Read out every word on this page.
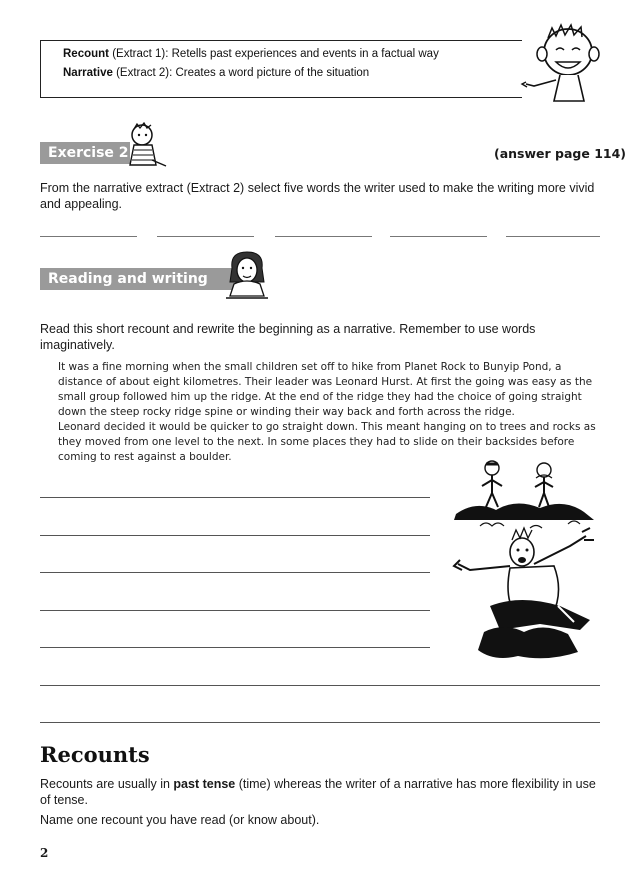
Recount (Extract 1): Retells past experiences and events in a factual way
Narrative (Extract 2): Creates a word picture of the situation
Exercise 2	(answer page 114)
From the narrative extract (Extract 2) select five words the writer used to make the writing more vivid and appealing.
Reading and writing task
Read this short recount and rewrite the beginning as a narrative. Remember to use words imaginatively.
It was a fine morning when the small children set off to hike from Planet Rock to Bunyip Pond, a distance of about eight kilometres. Their leader was Leonard Hurst. At first the going was easy as the small group followed him up the ridge. At the end of the ridge they had the choice of going straight down the steep rocky ridge spine or winding their way back and forth across the ridge.
Leonard decided it would be quicker to go straight down. This meant hanging on to trees and rocks as they moved from one level to the next. In some places they had to slide on their backsides before coming to rest against a boulder.
Recounts
Recounts are usually in past tense (time) whereas the writer of a narrative has more flexibility in use of tense.
Name one recount you have read (or know about).
2
